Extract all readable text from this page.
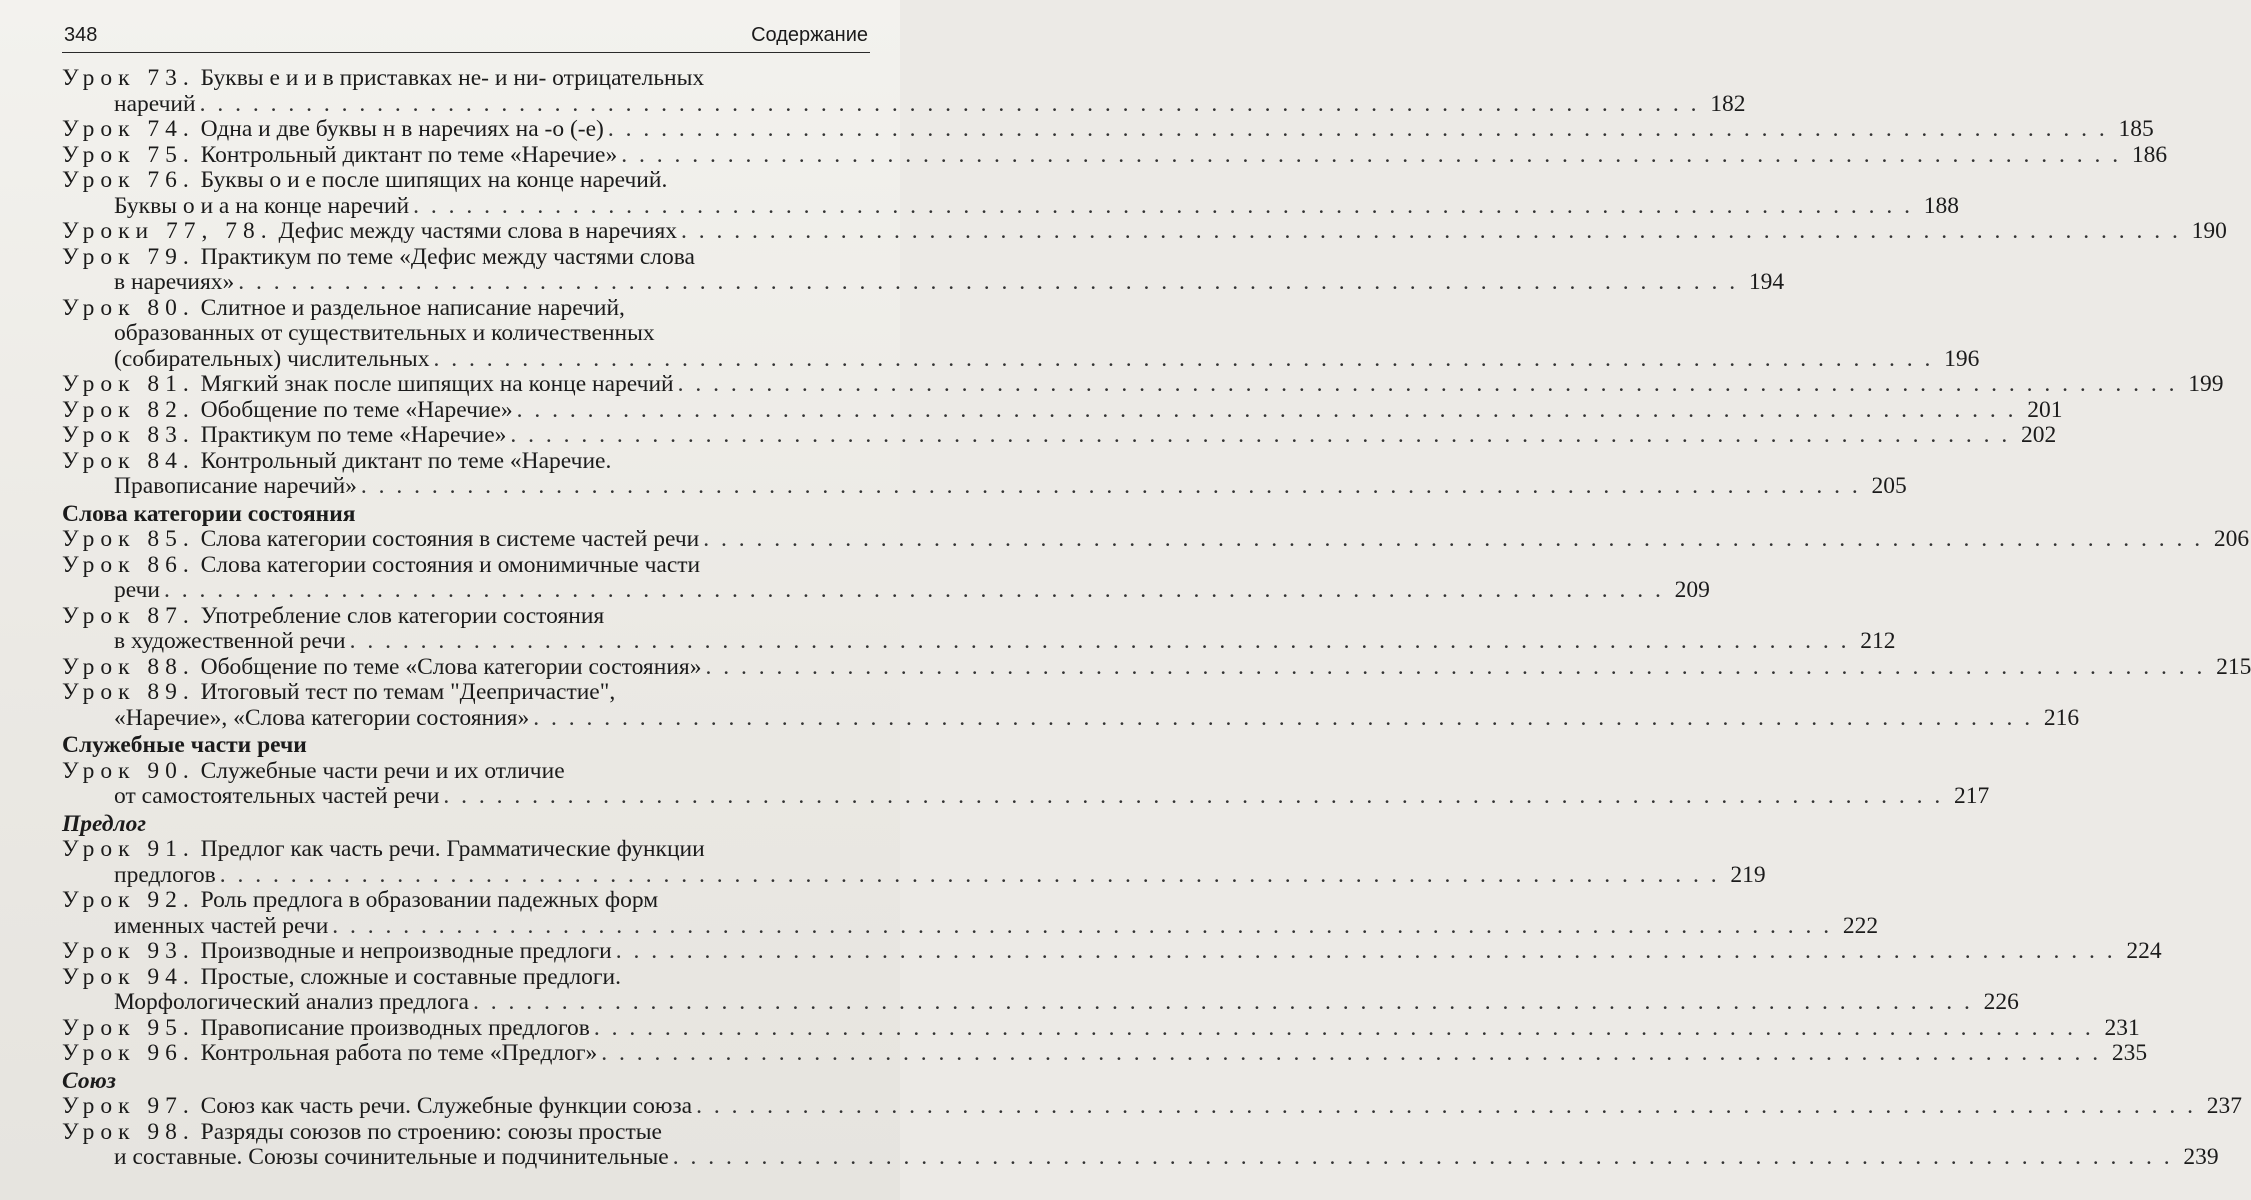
348	Содержание
Урок 73. Буквы е и и в приставках не- и ни- отрицательных
наречий . . . . . . . . . . . . . . . . . . . . . . . . . . . . . . . . . . . . . . . . . . . . . . . . . . . . . . . . . . . . . . . . . . . . . . . . . . . . . . . . . . . . . 182
Урок 74. Одна и две буквы н в наречиях на -о (-е) . . . . . . . . . . . . . . . . . . . . . . . . . . . . . . . . . . . . . . . . . . . . . . . . . . . . . . . . . . . . . . . . . . . . . . . . . . . . . . . . . . . . . 185
Урок 75. Контрольный диктант по теме «Наречие» . . . . . . . . . . . . . . . . . . . . . . . . . . . . . . . . . . . . . . . . . . . . . . . . . . . . . . . . . . . . . . . . . . . . . . . . . . . . . . . . . . . . . 186
Урок 76. Буквы о и е после шипящих на конце наречий.
Буквы о и а на конце наречий . . . . . . . . . . . . . . . . . . . . . . . . . . . . . . . . . . . . . . . . . . . . . . . . . . . . . . . . . . . . . . . . . . . . . . . . . . . . . . . . . . . . . 188
Уроки 77, 78. Дефис между частями слова в наречиях . . . . . . . . . . . . . . . . . . . . . . . . . . . . . . . . . . . . . . . . . . . . . . . . . . . . . . . . . . . . . . . . . . . . . . . . . . . . . . . . . . . . . 190
Урок 79. Практикум по теме «Дефис между частями слова
в наречиях» . . . . . . . . . . . . . . . . . . . . . . . . . . . . . . . . . . . . . . . . . . . . . . . . . . . . . . . . . . . . . . . . . . . . . . . . . . . . . . . . . . . . . 194
Урок 80. Слитное и раздельное написание наречий,
образованных от существительных и количественных
(собирательных) числительных . . . . . . . . . . . . . . . . . . . . . . . . . . . . . . . . . . . . . . . . . . . . . . . . . . . . . . . . . . . . . . . . . . . . . . . . . . . . . . . . . . . . . 196
Урок 81. Мягкий знак после шипящих на конце наречий . . . . . . . . . . . . . . . . . . . . . . . . . . . . . . . . . . . . . . . . . . . . . . . . . . . . . . . . . . . . . . . . . . . . . . . . . . . . . . . . . . . . . 199
Урок 82. Обобщение по теме «Наречие» . . . . . . . . . . . . . . . . . . . . . . . . . . . . . . . . . . . . . . . . . . . . . . . . . . . . . . . . . . . . . . . . . . . . . . . . . . . . . . . . . . . . . 201
Урок 83. Практикум по теме «Наречие» . . . . . . . . . . . . . . . . . . . . . . . . . . . . . . . . . . . . . . . . . . . . . . . . . . . . . . . . . . . . . . . . . . . . . . . . . . . . . . . . . . . . . 202
Урок 84. Контрольный диктант по теме «Наречие.
Правописание наречий» . . . . . . . . . . . . . . . . . . . . . . . . . . . . . . . . . . . . . . . . . . . . . . . . . . . . . . . . . . . . . . . . . . . . . . . . . . . . . . . . . . . . . 205
Слова категории состояния
Урок 85. Слова категории состояния в системе частей речи . . . . . . . . . . . . . . . . . . . . . . . . . . . . . . . . . . . . . . . . . . . . . . . . . . . . . . . . . . . . . . . . . . . . . . . . . . . . . . . . . . . . . 206
Урок 86. Слова категории состояния и омонимичные части
речи . . . . . . . . . . . . . . . . . . . . . . . . . . . . . . . . . . . . . . . . . . . . . . . . . . . . . . . . . . . . . . . . . . . . . . . . . . . . . . . . . . . . . 209
Урок 87. Употребление слов категории состояния
в художественной речи . . . . . . . . . . . . . . . . . . . . . . . . . . . . . . . . . . . . . . . . . . . . . . . . . . . . . . . . . . . . . . . . . . . . . . . . . . . . . . . . . . . . . 212
Урок 88. Обобщение по теме «Слова категории состояния» . . . . . . . . . . . . . . . . . . . . . . . . . . . . . . . . . . . . . . . . . . . . . . . . . . . . . . . . . . . . . . . . . . . . . . . . . . . . . . . . . . . . . 215
Урок 89. Итоговый тест по темам "Деепричастие",
«Наречие», «Слова категории состояния» . . . . . . . . . . . . . . . . . . . . . . . . . . . . . . . . . . . . . . . . . . . . . . . . . . . . . . . . . . . . . . . . . . . . . . . . . . . . . . . . . . . . . 216
Служебные части речи
Урок 90. Служебные части речи и их отличие
от самостоятельных частей речи . . . . . . . . . . . . . . . . . . . . . . . . . . . . . . . . . . . . . . . . . . . . . . . . . . . . . . . . . . . . . . . . . . . . . . . . . . . . . . . . . . . . . 217
Предлог
Урок 91. Предлог как часть речи. Грамматические функции
предлогов . . . . . . . . . . . . . . . . . . . . . . . . . . . . . . . . . . . . . . . . . . . . . . . . . . . . . . . . . . . . . . . . . . . . . . . . . . . . . . . . . . . . . 219
Урок 92. Роль предлога в образовании падежных форм
именных частей речи . . . . . . . . . . . . . . . . . . . . . . . . . . . . . . . . . . . . . . . . . . . . . . . . . . . . . . . . . . . . . . . . . . . . . . . . . . . . . . . . . . . . . 222
Урок 93. Производные и непроизводные предлоги . . . . . . . . . . . . . . . . . . . . . . . . . . . . . . . . . . . . . . . . . . . . . . . . . . . . . . . . . . . . . . . . . . . . . . . . . . . . . . . . . . . . . 224
Урок 94. Простые, сложные и составные предлоги.
Морфологический анализ предлога . . . . . . . . . . . . . . . . . . . . . . . . . . . . . . . . . . . . . . . . . . . . . . . . . . . . . . . . . . . . . . . . . . . . . . . . . . . . . . . . . . . . . 226
Урок 95. Правописание производных предлогов . . . . . . . . . . . . . . . . . . . . . . . . . . . . . . . . . . . . . . . . . . . . . . . . . . . . . . . . . . . . . . . . . . . . . . . . . . . . . . . . . . . . . 231
Урок 96. Контрольная работа по теме «Предлог» . . . . . . . . . . . . . . . . . . . . . . . . . . . . . . . . . . . . . . . . . . . . . . . . . . . . . . . . . . . . . . . . . . . . . . . . . . . . . . . . . . . . . 235
Союз
Урок 97. Союз как часть речи. Служебные функции союза . . . . . . . . . . . . . . . . . . . . . . . . . . . . . . . . . . . . . . . . . . . . . . . . . . . . . . . . . . . . . . . . . . . . . . . . . . . . . . . . . . . . . 237
Урок 98. Разряды союзов по строению: союзы простые
и составные. Союзы сочинительные и подчинительные . . . . . . . . . . . . . . . . . . . . . . . . . . . . . . . . . . . . . . . . . . . . . . . . . . . . . . . . . . . . . . . . . . . . . . . . . . . . . . . . . . . . . 239
